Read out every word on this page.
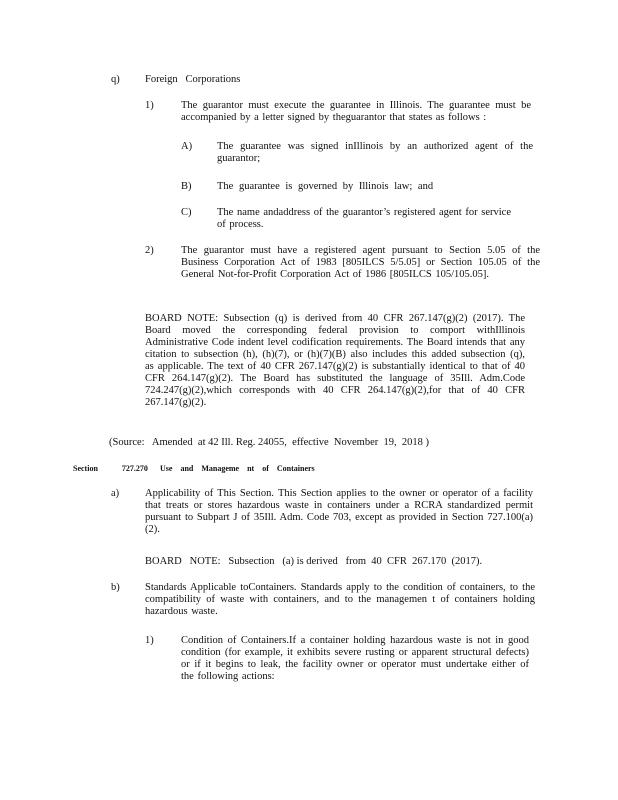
q) Foreign   Corporations
1)	The guarantor must execute the guarantee in Illinois. The guarantee must be accompanied by a letter signed by theguarantor that states as follows :
A) The guarantee was signed inIllinois by an authorized agent of the guarantor;
B) The guarantee is governed by Illinois law; and
C) The name andaddress of the guarantor’s registered agent for service of process.
2)	The guarantor must have a registered agent pursuant to Section 5.05 of the Business Corporation Act of 1983 [805ILCS 5/5.05] or Section 105.05 of the General Not-for-Profit Corporation Act of 1986 [805ILCS 105/105.05].
BOARD NOTE: Subsection (q) is derived from 40 CFR 267.147(g)(2) (2017). The Board moved the corresponding federal provision to comport withIllinois Administrative Code indent level codification requirements. The Board intends that any citation to subsection (h), (h)(7), or (h)(7)(B) also includes this added subsection (q), as applicable. The text of 40 CFR 267.147(g)(2) is substantially identical to that of 40 CFR 264.147(g)(2). The Board has substituted the language of 35Ill. Adm.Code 724.247(g)(2),which corresponds with 40 CFR 264.147(g)(2),for that of 40 CFR 267.147(g)(2).
(Source:   Amended  at 42 Ill. Reg. 24055,  effective  November  19,  2018 )
Section   727.270 Use and Manageme nt of Containers
a) Applicability of This Section. This Section applies to the owner or operator of a facility that treats or stores hazardous waste in containers under a RCRA standardized permit pursuant to Subpart J of 35Ill. Adm. Code 703, except as provided in Section 727.100(a)(2).
BOARD   NOTE:   Subsection   (a) is derived   from  40  CFR  267.170  (2017).
b) Standards Applicable toContainers. Standards apply to the condition of containers, to the compatibility of waste with containers, and to the managemen t of containers holding hazardous waste.
1)	Condition of Containers.If a container holding hazardous waste is not in good condition (for example, it exhibits severe rusting or apparent structural defects) or if it begins to leak, the facility owner or operator must undertake either of the following actions:
